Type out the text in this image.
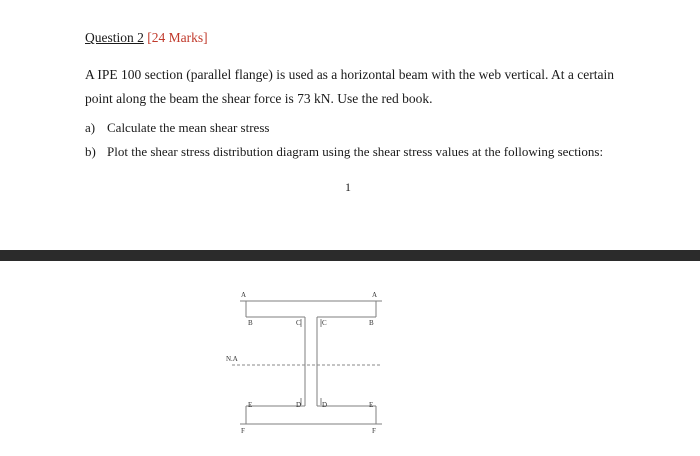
Question 2 [24 Marks]
A IPE 100 section (parallel flange) is used as a horizontal beam with the web vertical. At a certain point along the beam the shear force is 73 kN. Use the red book.
a) Calculate the mean shear stress
b) Plot the shear stress distribution diagram using the shear stress values at the following sections:
1
A	A
B	B
C	C
N.A
D	D
E	E
F	F
